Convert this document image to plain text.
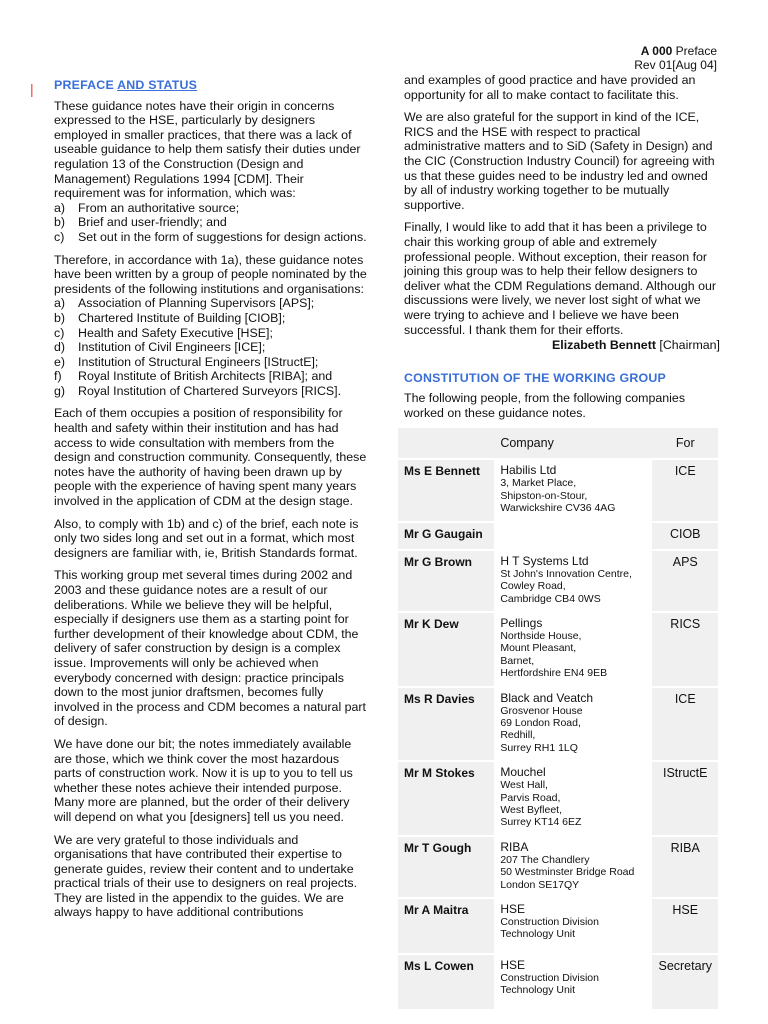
A 000 Preface
Rev 01[Aug 04]
| PREFACE AND STATUS

These guidance notes have their origin in concerns expressed to the HSE, particularly by designers employed in smaller practices, that there was a lack of useable guidance to help them satisfy their duties under regulation 13 of the Construction (Design and Management) Regulations 1994 [CDM]. Their requirement was for information, which was:

a) From an authoritative source;
b) Brief and user-friendly; and
c) Set out in the form of suggestions for design actions.

Therefore, in accordance with 1a), these guidance notes have been written by a group of people nominated by the presidents of the following institutions and organisations:

a) Association of Planning Supervisors [APS];
b) Chartered Institute of Building [CIOB];
c) Health and Safety Executive [HSE];
d) Institution of Civil Engineers [ICE];
e) Institution of Structural Engineers [IStructE];
f) Royal Institute of British Architects [RIBA]; and
g) Royal Institution of Chartered Surveyors [RICS].

Each of them occupies a position of responsibility for health and safety within their institution and has had access to wide consultation with members from the design and construction community. Consequently, these notes have the authority of having been drawn up by people with the experience of having spent many years involved in the application of CDM at the design stage.

Also, to comply with 1b) and c) of the brief, each note is only two sides long and set out in a format, which most designers are familiar with, ie, British Standards format.

This working group met several times during 2002 and 2003 and these guidance notes are a result of our deliberations. While we believe they will be helpful, especially if designers use them as a starting point for further development of their knowledge about CDM, the delivery of safer construction by design is a complex issue. Improvements will only be achieved when everybody concerned with design: practice principals down to the most junior draftsmen, becomes fully involved in the process and CDM becomes a natural part of design.

We have done our bit; the notes immediately available are those, which we think cover the most hazardous parts of construction work. Now it is up to you to tell us whether these notes achieve their intended purpose. Many more are planned, but the order of their delivery will depend on what you [designers] tell us you need.

We are very grateful to those individuals and organisations that have contributed their expertise to generate guides, review their content and to undertake practical trials of their use to designers on real projects. They are listed in the appendix to the guides. We are always happy to have additional contributions

and examples of good practice and have provided an opportunity for all to make contact to facilitate this.

We are also grateful for the support in kind of the ICE, RICS and the HSE with respect to practical administrative matters and to SiD (Safety in Design) and the CIC (Construction Industry Council) for agreeing with us that these guides need to be industry led and owned by all of industry working together to be mutually supportive.

Finally, I would like to add that it has been a privilege to chair this working group of able and extremely professional people. Without exception, their reason for joining this group was to help their fellow designers to deliver what the CDM Regulations demand. Although our discussions were lively, we never lost sight of what we were trying to achieve and I believe we have been successful. I thank them for their efforts.

Elizabeth Bennett [Chairman]
CONSTITUTION OF THE WORKING GROUP

The following people, from the following companies worked on these guidance notes.

	Company	For
Ms E Bennett	Habilis Ltd
3, Market Place,
Shipston-on-Stour,
Warwickshire CV36 4AG	ICE
Mr G Gaugain		CIOB
Mr G Brown	H T Systems Ltd
St John's Innovation Centre,
Cowley Road,
Cambridge CB4 0WS	APS
Mr K Dew	Pellings
Northside House,
Mount Pleasant,
Barnet,
Hertfordshire EN4 9EB	RICS
Ms R Davies	Black and Veatch
Grosvenor House
69 London Road,
Redhill,
Surrey RH1 1LQ	ICE
Mr M Stokes	Mouchel
West Hall,
Parvis Road,
West Byfleet,
Surrey KT14 6EZ	IStructE
Mr T Gough	RIBA
207 The Chandlery
50 Westminster Bridge Road
London SE17QY	RIBA
Mr A Maitra	HSE
Construction Division
Technology Unit	HSE
Ms L Cowen	HSE
Construction Division
Technology Unit	Secretary
